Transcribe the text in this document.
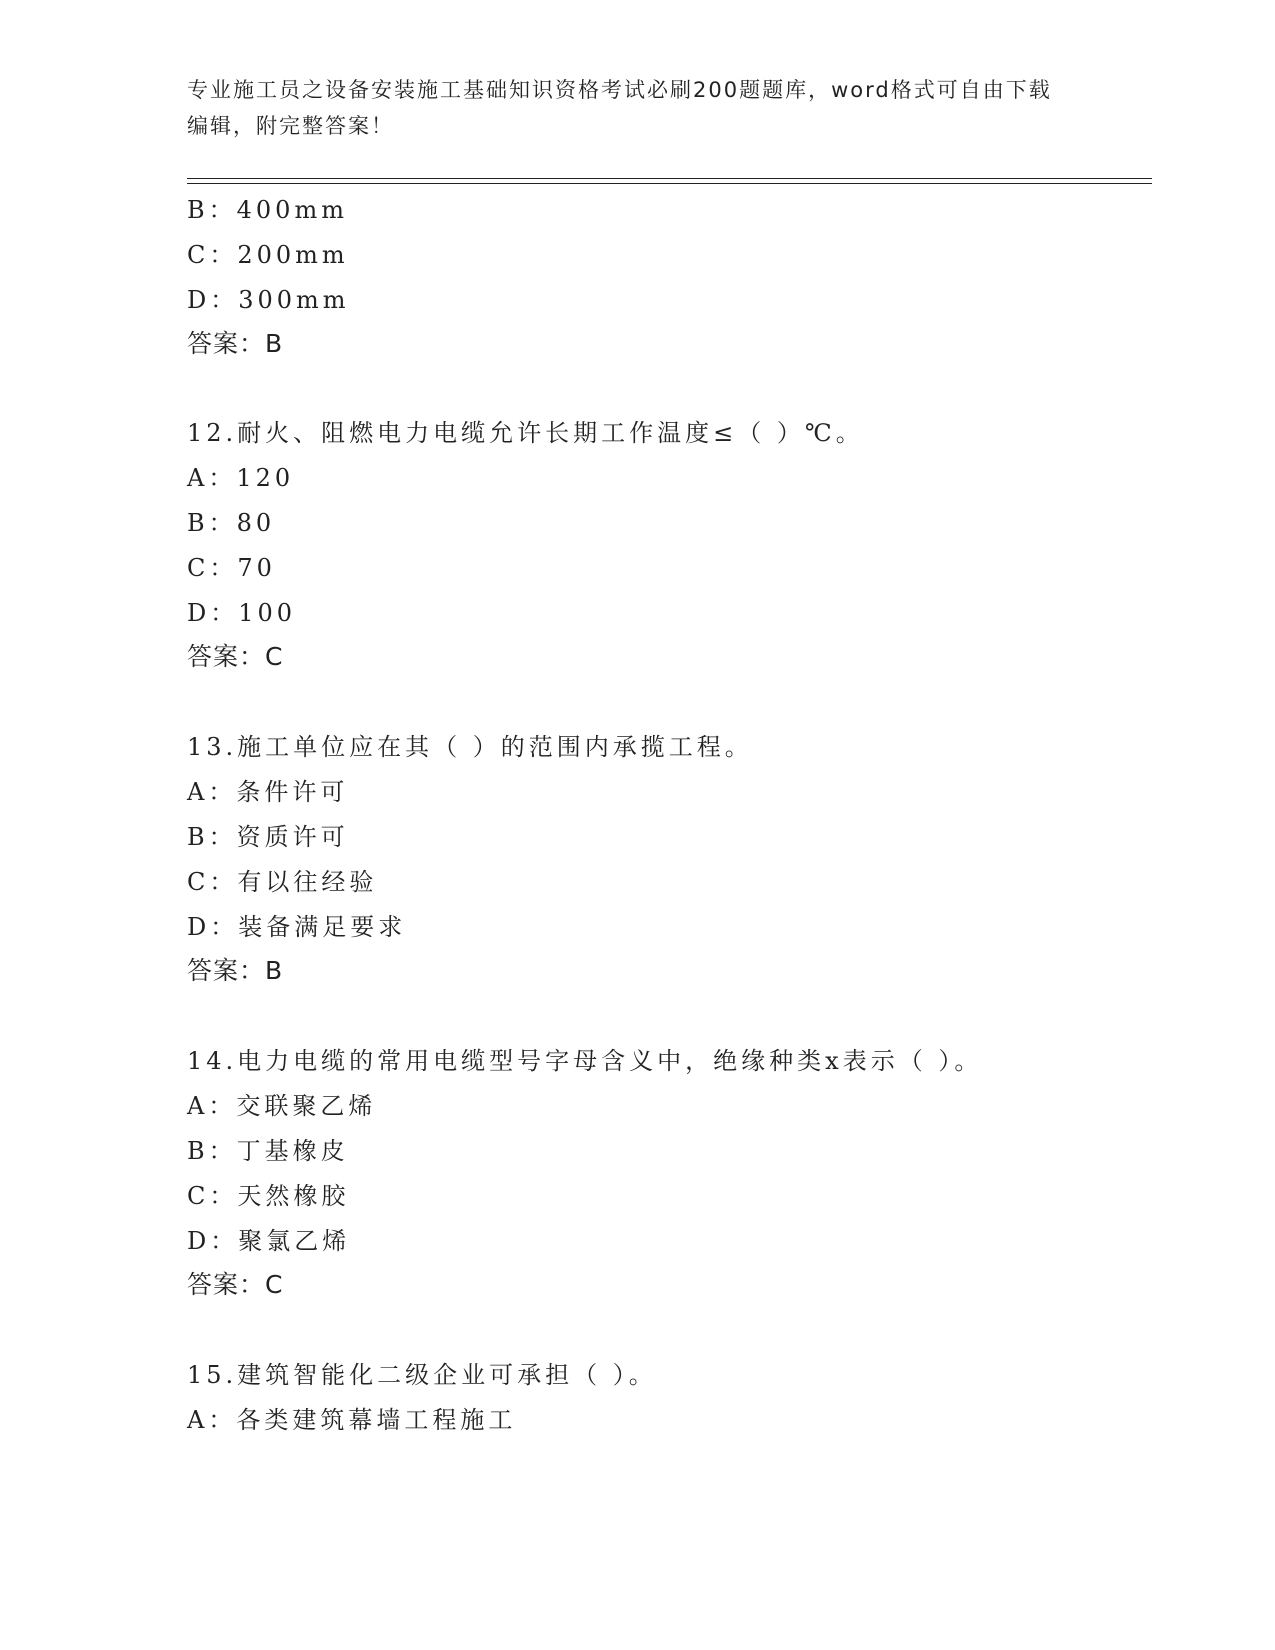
专业施工员之设备安装施工基础知识资格考试必刷200题题库，word格式可自由下载编辑，附完整答案！
B：400mm
C：200mm
D：300mm
答案：B
12.耐火、阻燃电力电缆允许长期工作温度≤（ ）℃。
A：120
B：80
C：70
D：100
答案：C
13.施工单位应在其（ ）的范围内承揽工程。
A：条件许可
B：资质许可
C：有以往经验
D：装备满足要求
答案：B
14.电力电缆的常用电缆型号字母含义中，绝缘种类x表示（ ）。
A：交联聚乙烯
B：丁基橡皮
C：天然橡胶
D：聚氯乙烯
答案：C
15.建筑智能化二级企业可承担（ ）。
A：各类建筑幕墙工程施工
